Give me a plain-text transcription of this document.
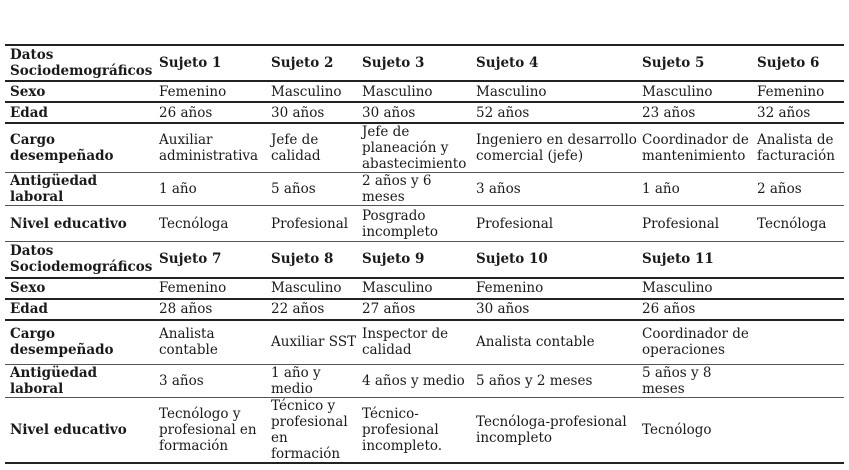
Datos Sociodemográficos	Sujeto 1	Sujeto 2	Sujeto 3	Sujeto 4	Sujeto 5	Sujeto 6
Sexo	Femenino	Masculino	Masculino	Masculino	Masculino	Femenino
Edad	26 años	30 años	30 años	52 años	23 años	32 años
Cargo desempeñado	Auxiliar administrativa	Jefe de calidad	Jefe de planeación y abastecimiento	Ingeniero en desarrollo comercial (jefe)	Coordinador de mantenimiento	Analista de facturación
Antigüedad laboral	1 año	5 años	2 años y 6 meses	3 años	1 año	2 años
Nivel educativo	Tecnóloga	Profesional	Posgrado incompleto	Profesional	Profesional	Tecnóloga
Datos Sociodemográficos	Sujeto 7	Sujeto 8	Sujeto 9	Sujeto 10	Sujeto 11	
Sexo	Femenino	Masculino	Masculino	Femenino	Masculino	
Edad	28 años	22 años	27 años	30 años	26 años	
Cargo desempeñado	Analista contable	Auxiliar SST	Inspector de calidad	Analista contable	Coordinador de operaciones	
Antigüedad laboral	3 años	1 año y medio	4 años y medio	5 años y 2 meses	5 años y 8 meses	
Nivel educativo	Tecnólogo y profesional en formación	Técnico y profesional en formación	Técnico-profesional incompleto.	Tecnóloga-profesional incompleto	Tecnólogo	
